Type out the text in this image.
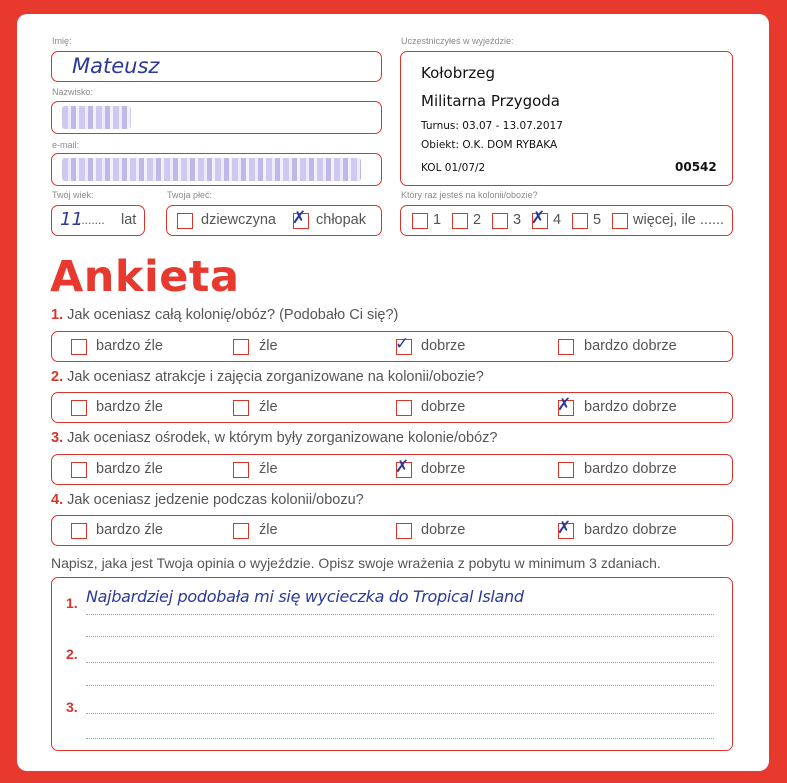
Imię:
Mateusz
Nazwisko:
e-mail:
Twój wiek:
11
........ lat
Twoja płeć:
dziewczyna ✗ chłopak
Uczestniczyłeś w wyjeździe:
Kołobrzeg
Militarna Przygoda
Turnus: 03.07 - 13.07.2017
Obiekt: O.K. DOM RYBAKA
KOL 01/07/2	00542
Który raz jesteś na kolonii/obozie?
1 2 3 ✗ 4 5 więcej, ile ......
Ankieta
1. Jak oceniasz całą kolonię/obóz? (Podobało Ci się?)
bardzo źle	źle	✓ dobrze	bardzo dobrze
2. Jak oceniasz atrakcje i zajęcia zorganizowane na kolonii/obozie?
bardzo źle	źle	dobrze	✗ bardzo dobrze
3. Jak oceniasz ośrodek, w którym były zorganizowane kolonie/obóz?
bardzo źle	źle	✗ dobrze	bardzo dobrze
4. Jak oceniasz jedzenie podczas kolonii/obozu?
bardzo źle	źle	dobrze	✗ bardzo dobrze
Napisz, jaka jest Twoja opinia o wyjeździe. Opisz swoje wrażenia z pobytu w minimum 3 zdaniach.
1. Najbardziej podobała mi się wycieczka do Tropical Island
2.
3.
